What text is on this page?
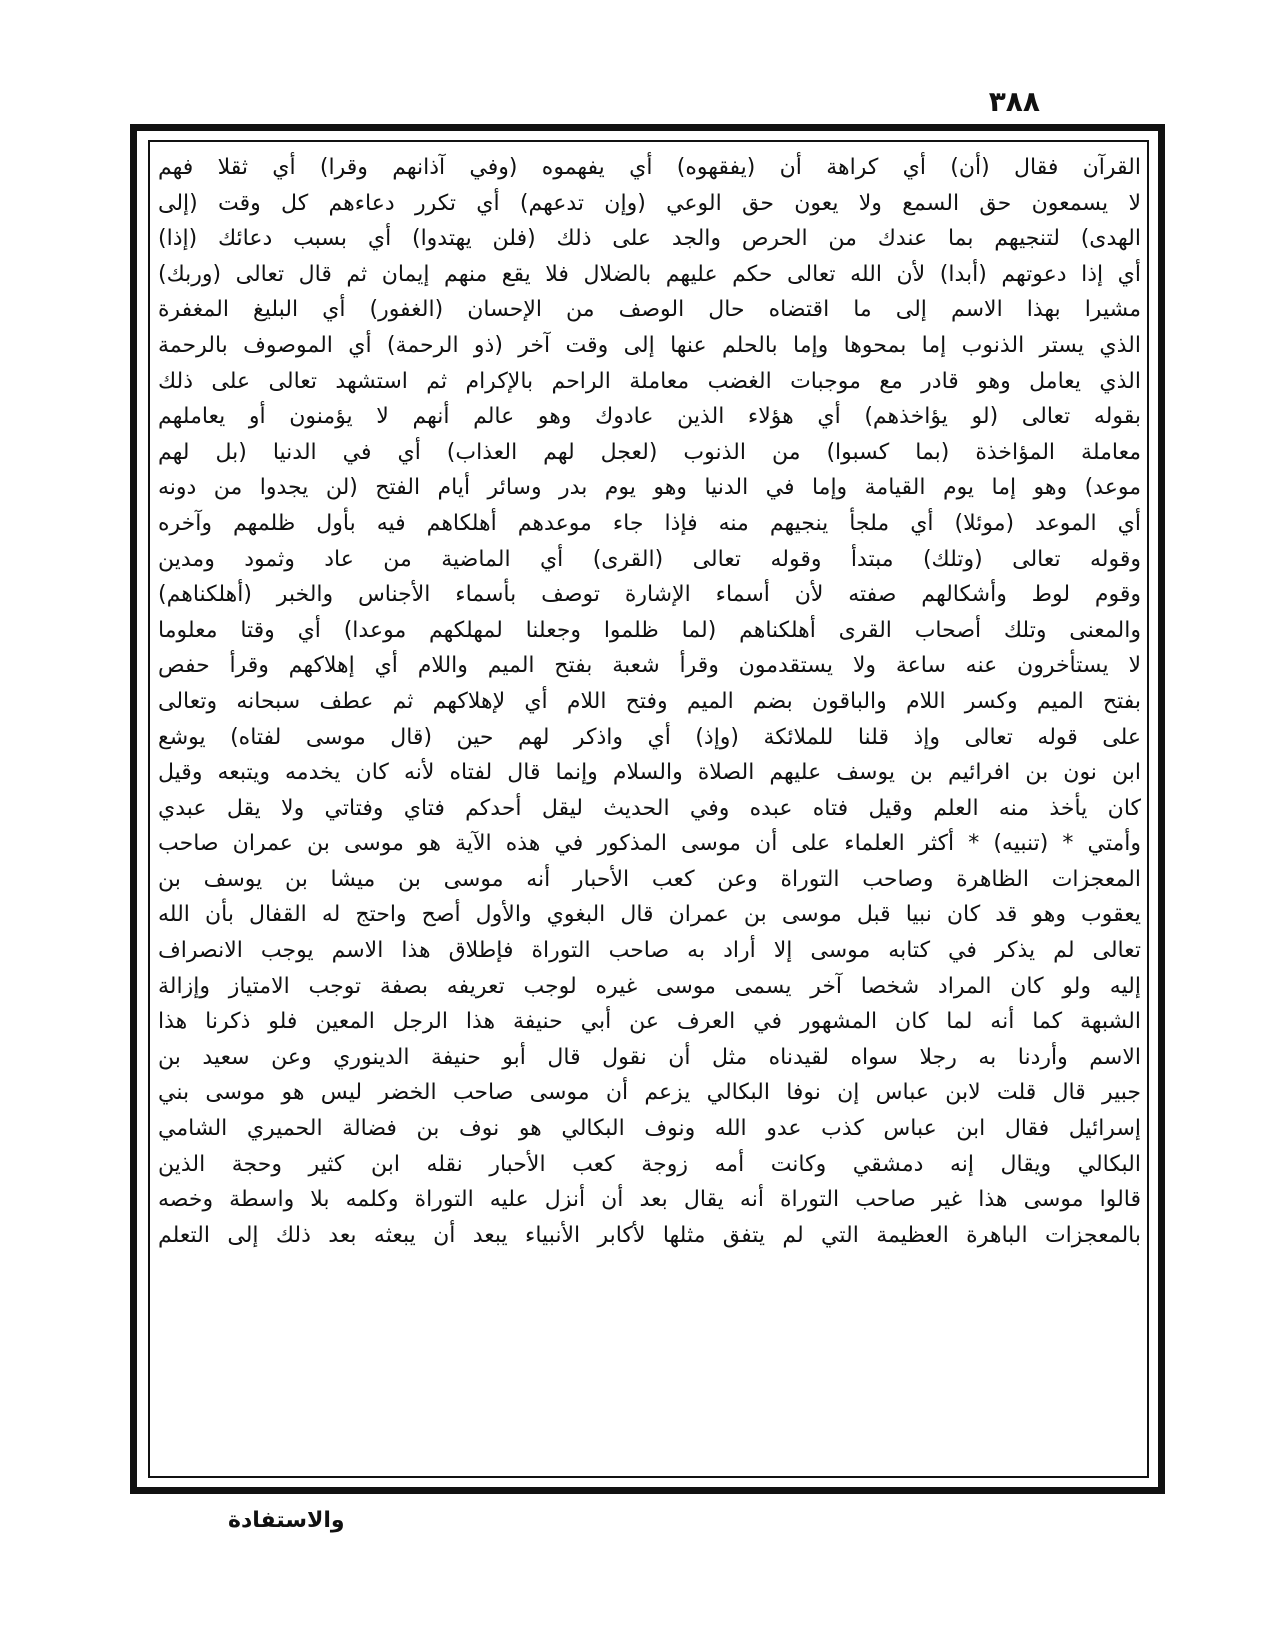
٣٨٨
القرآن فقال (أن) أي كراهة أن (يفقهوه) أي يفهموه (وفي آذانهم وقرا) أي ثقلا فهم
لا يسمعون حق السمع ولا يعون حق الوعي (وإن تدعهم) أي تكرر دعاءهم كل وقت (إلى
الهدى) لتنجيهم بما عندك من الحرص والجد على ذلك (فلن يهتدوا) أي بسبب دعائك (إذا)
أي إذا دعوتهم (أبدا) لأن الله تعالى حكم عليهم بالضلال فلا يقع منهم إيمان ثم قال تعالى (وربك)
مشيرا بهذا الاسم إلى ما اقتضاه حال الوصف من الإحسان (الغفور) أي البليغ المغفرة
الذي يستر الذنوب إما بمحوها وإما بالحلم عنها إلى وقت آخر (ذو الرحمة) أي الموصوف بالرحمة
الذي يعامل وهو قادر مع موجبات الغضب معاملة الراحم بالإكرام ثم استشهد تعالى على ذلك
بقوله تعالى (لو يؤاخذهم) أي هؤلاء الذين عادوك وهو عالم أنهم لا يؤمنون أو يعاملهم
معاملة المؤاخذة (بما كسبوا) من الذنوب (لعجل لهم العذاب) أي في الدنيا (بل لهم
موعد) وهو إما يوم القيامة وإما في الدنيا وهو يوم بدر وسائر أيام الفتح (لن يجدوا من دونه
أي الموعد (موئلا) أي ملجأ ينجيهم منه فإذا جاء موعدهم أهلكاهم فيه بأول ظلمهم وآخره
وقوله تعالى (وتلك) مبتدأ وقوله تعالى (القرى) أي الماضية من عاد وثمود ومدين
وقوم لوط وأشكالهم صفته لأن أسماء الإشارة توصف بأسماء الأجناس والخبر (أهلكناهم)
والمعنى وتلك أصحاب القرى أهلكناهم (لما ظلموا وجعلنا لمهلكهم موعدا) أي وقتا معلوما
لا يستأخرون عنه ساعة ولا يستقدمون وقرأ شعبة بفتح الميم واللام أي إهلاكهم وقرأ حفص
بفتح الميم وكسر اللام والباقون بضم الميم وفتح اللام أي لإهلاكهم ثم عطف سبحانه وتعالى
على قوله تعالى وإذ قلنا للملائكة (وإذ) أي واذكر لهم حين (قال موسى لفتاه) يوشع
ابن نون بن افرائيم بن يوسف عليهم الصلاة والسلام وإنما قال لفتاه لأنه كان يخدمه ويتبعه وقيل
كان يأخذ منه العلم وقيل فتاه عبده وفي الحديث ليقل أحدكم فتاي وفتاتي ولا يقل عبدي
وأمتي * (تنبيه) * أكثر العلماء على أن موسى المذكور في هذه الآية هو موسى بن عمران صاحب
المعجزات الظاهرة وصاحب التوراة وعن كعب الأحبار أنه موسى بن ميشا بن يوسف بن
يعقوب وهو قد كان نبيا قبل موسى بن عمران قال البغوي والأول أصح واحتج له القفال بأن الله
تعالى لم يذكر في كتابه موسى إلا أراد به صاحب التوراة فإطلاق هذا الاسم يوجب الانصراف
إليه ولو كان المراد شخصا آخر يسمى موسى غيره لوجب تعريفه بصفة توجب الامتياز وإزالة
الشبهة كما أنه لما كان المشهور في العرف عن أبي حنيفة هذا الرجل المعين فلو ذكرنا هذا
الاسم وأردنا به رجلا سواه لقيدناه مثل أن نقول قال أبو حنيفة الدينوري وعن سعيد بن
جبير قال قلت لابن عباس إن نوفا البكالي يزعم أن موسى صاحب الخضر ليس هو موسى بني
إسرائيل فقال ابن عباس كذب عدو الله ونوف البكالي هو نوف بن فضالة الحميري الشامي
البكالي ويقال إنه دمشقي وكانت أمه زوجة كعب الأحبار نقله ابن كثير وحجة الذين
قالوا موسى هذا غير صاحب التوراة أنه يقال بعد أن أنزل عليه التوراة وكلمه بلا واسطة وخصه
بالمعجزات الباهرة العظيمة التي لم يتفق مثلها لأكابر الأنبياء يبعد أن يبعثه بعد ذلك إلى التعلم
والاستفادة
